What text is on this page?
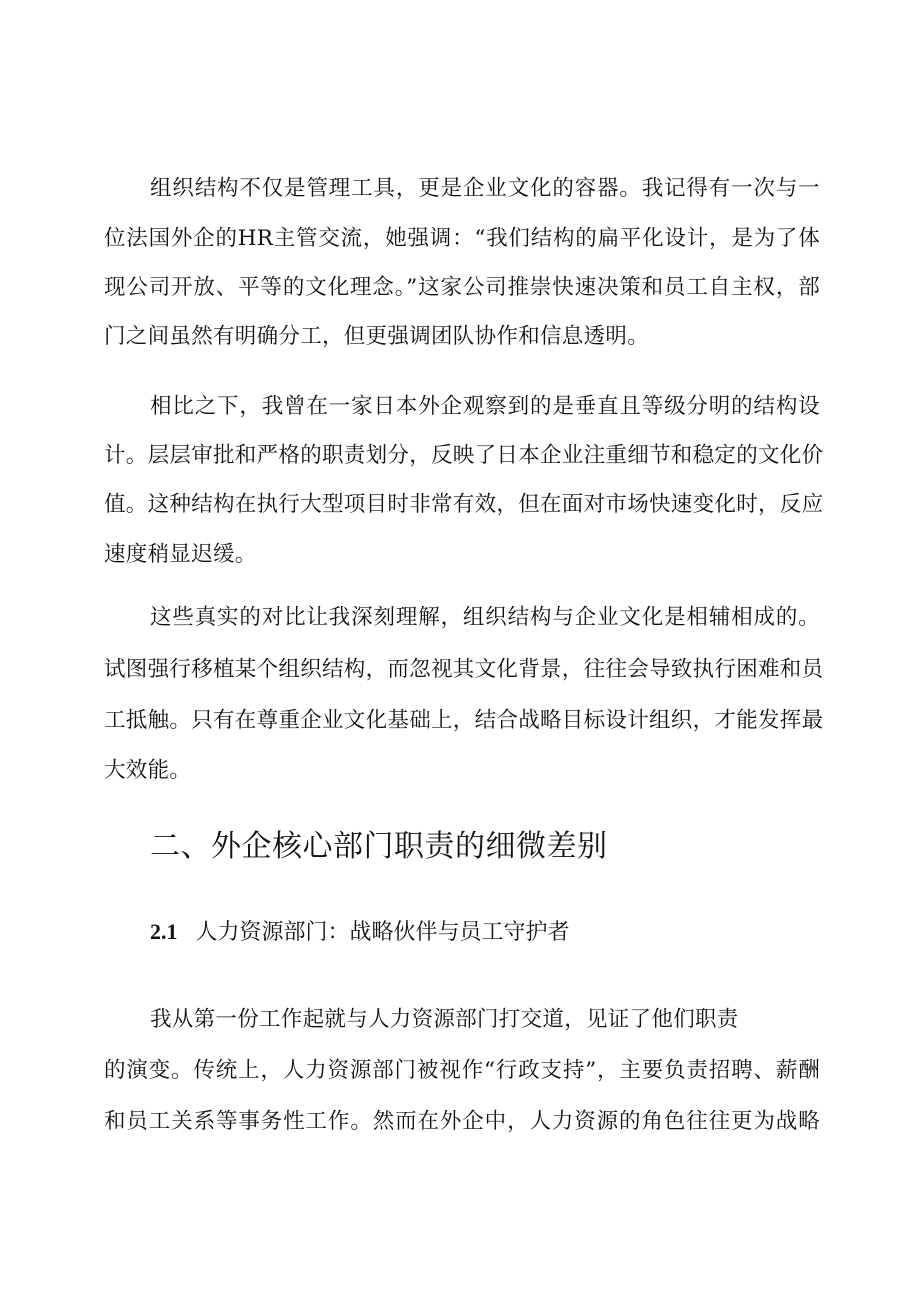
组织结构不仅是管理工具，更是企业文化的容器。我记得有一次与一
位法国外企的HR主管交流，她强调：“我们结构的扁平化设计，是为了体
现公司开放、平等的文化理念。”这家公司推崇快速决策和员工自主权，部
门之间虽然有明确分工，但更强调团队协作和信息透明。
相比之下，我曾在一家日本外企观察到的是垂直且等级分明的结构设
计。层层审批和严格的职责划分，反映了日本企业注重细节和稳定的文化价
值。这种结构在执行大型项目时非常有效，但在面对市场快速变化时，反应
速度稍显迟缓。
这些真实的对比让我深刻理解，组织结构与企业文化是相辅相成的。
试图强行移植某个组织结构，而忽视其文化背景，往往会导致执行困难和员
工抵触。只有在尊重企业文化基础上，结合战略目标设计组织，才能发挥最
大效能。
二、外企核心部门职责的细微差别
2.1 人力资源部门：战略伙伴与员工守护者
我从第一份工作起就与人力资源部门打交道，见证了他们职责
的演变。传统上，人力资源部门被视作“行政支持”，主要负责招聘、薪酬
和员工关系等事务性工作。然而在外企中，人力资源的角色往往更为战略
